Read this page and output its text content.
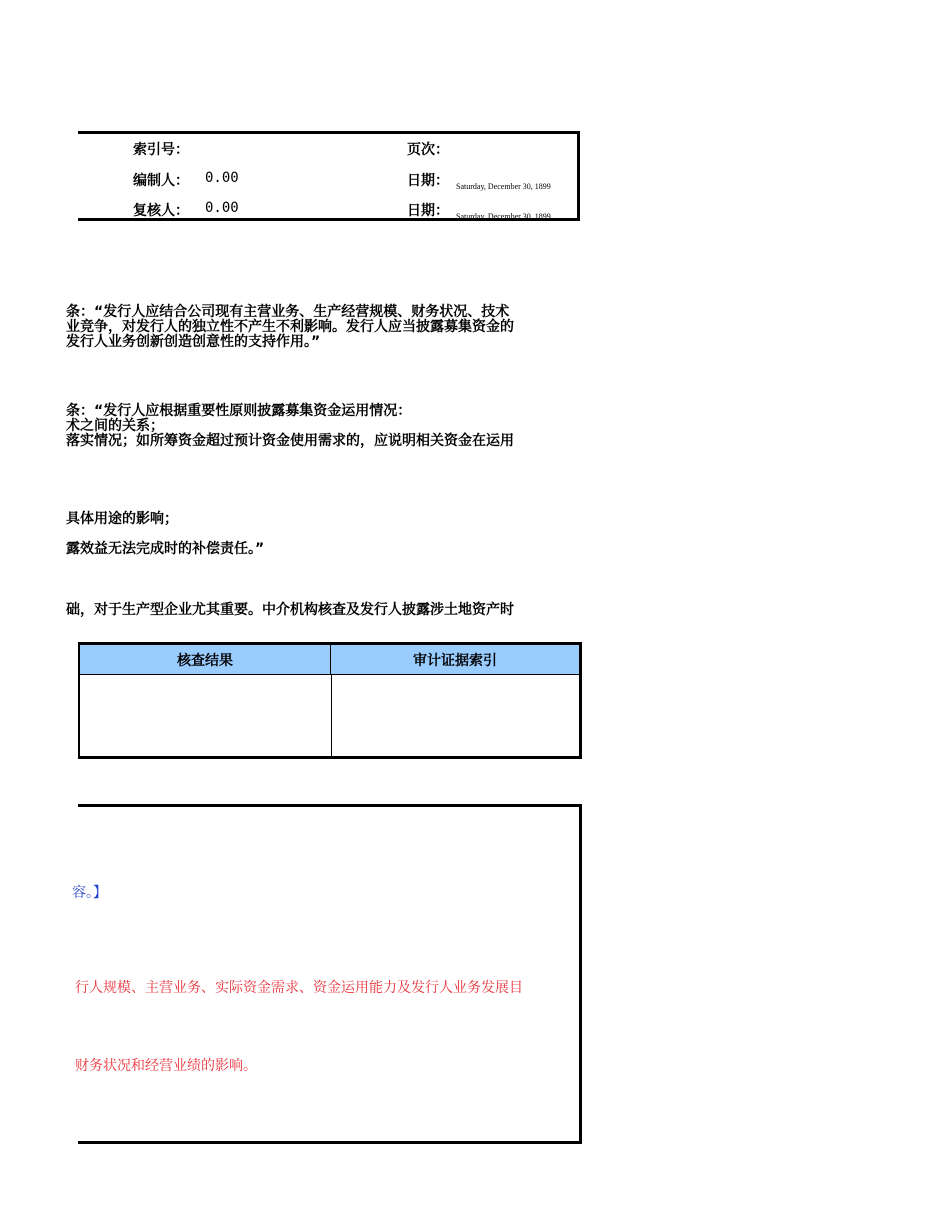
索引号：	页次：
编制人： 0.00	日期： Saturday, December 30, 1899
复核人： 0.00	日期： Saturday, December 30, 1899
条：“发行人应结合公司现有主营业务、生产经营规模、财务状况、技术
业竞争，对发行人的独立性不产生不利影响。发行人应当披露募集资金的
发行人业务创新创造创意性的支持作用。”
条：“发行人应根据重要性原则披露募集资金运用情况：
术之间的关系；
落实情况；如所筹资金超过预计资金使用需求的，应说明相关资金在运用
具体用途的影响；
露效益无法完成时的补偿责任。”
础，对于生产型企业尤其重要。中介机构核查及发行人披露涉土地资产时
核查结果	审计证据索引
容。】
行人规模、主营业务、实际资金需求、资金运用能力及发行人业务发展目
财务状况和经营业绩的影响。
